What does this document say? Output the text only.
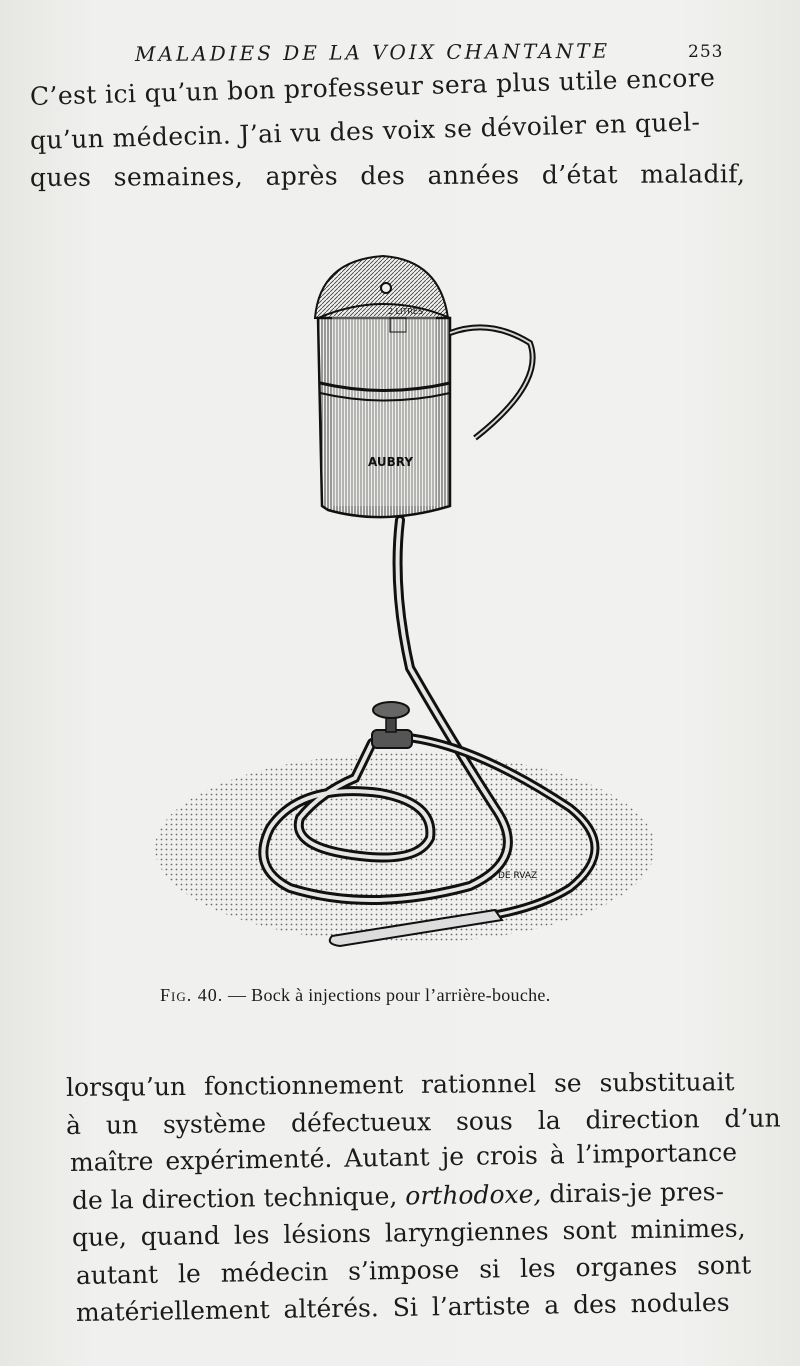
MALADIES DE LA VOIX CHANTANTE	253
C’est ici qu’un bon professeur sera plus utile encore
qu’un médecin. J’ai vu des voix se dévoiler en quel-
ques semaines, après des années d’état maladif,
2 LITRES
AUBRY
DE RVAZ
Fig. 40. — Bock à injections pour l’arrière-bouche.
lorsqu’un fonctionnement rationnel se substituait
à un système défectueux sous la direction d’un
maître expérimenté. Autant je crois à l’importance
de la direction technique, orthodoxe, dirais-je pres-
que, quand les lésions laryngiennes sont minimes,
autant le médecin s’impose si les organes sont
matériellement altérés. Si l’artiste a des nodules
